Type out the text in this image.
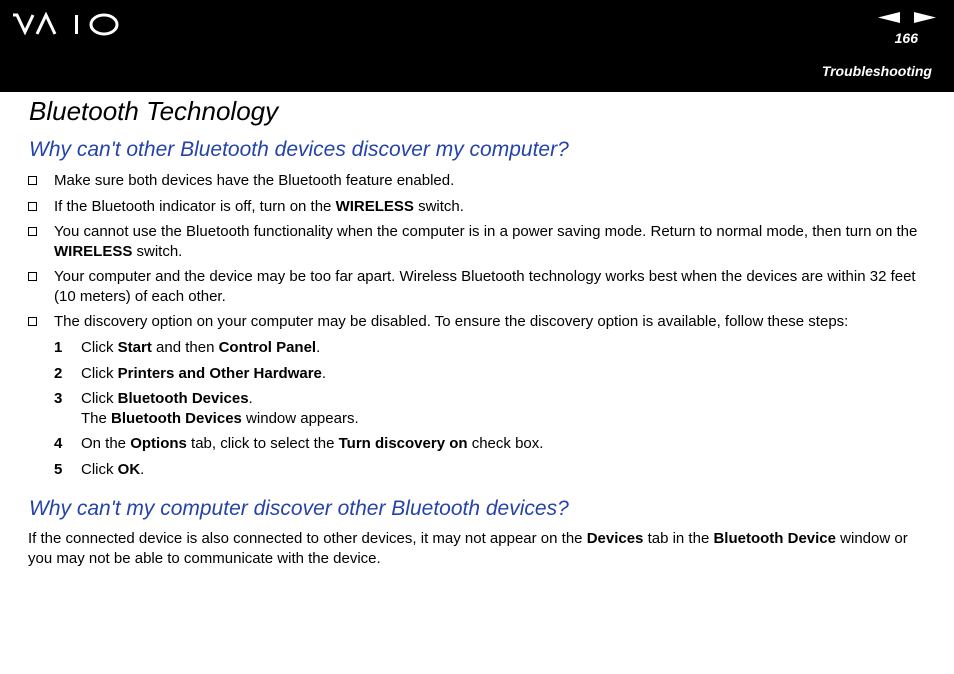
166
Troubleshooting
Bluetooth Technology
Why can't other Bluetooth devices discover my computer?
Make sure both devices have the Bluetooth feature enabled.
If the Bluetooth indicator is off, turn on the WIRELESS switch.
You cannot use the Bluetooth functionality when the computer is in a power saving mode. Return to normal mode, then turn on the WIRELESS switch.
Your computer and the device may be too far apart. Wireless Bluetooth technology works best when the devices are within 32 feet (10 meters) of each other.
The discovery option on your computer may be disabled. To ensure the discovery option is available, follow these steps:
1 Click Start and then Control Panel.
2 Click Printers and Other Hardware.
3 Click Bluetooth Devices.
The Bluetooth Devices window appears.
4 On the Options tab, click to select the Turn discovery on check box.
5 Click OK.
Why can't my computer discover other Bluetooth devices?
If the connected device is also connected to other devices, it may not appear on the Devices tab in the Bluetooth Device window or you may not be able to communicate with the device.
